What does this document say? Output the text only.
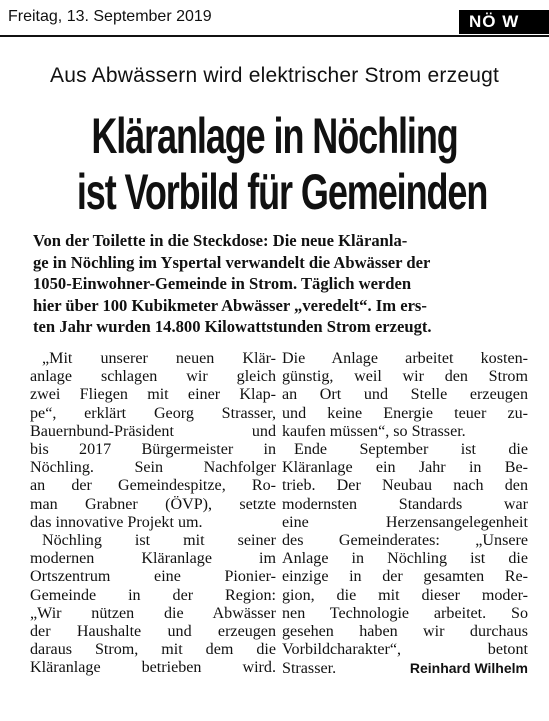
Freitag, 13. September 2019	NÖ W
Aus Abwässern wird elektrischer Strom erzeugt
Kläranlage in Nöchling
ist Vorbild für Gemeinden
Von der Toilette in die Steckdose: Die neue Kläranla-
ge in Nöchling im Yspertal verwandelt die Abwässer der
1050-Einwohner-Gemeinde in Strom. Täglich werden
hier über 100 Kubikmeter Abwässer „veredelt“. Im ers-
ten Jahr wurden 14.800 Kilowattstunden Strom erzeugt.
„Mit unserer neuen Klär-
anlage schlagen wir gleich
zwei Fliegen mit einer Klap-
pe“, erklärt Georg Strasser,
Bauernbund-Präsident und
bis 2017 Bürgermeister in
Nöchling. Sein Nachfolger
an der Gemeindespitze, Ro-
man Grabner (ÖVP), setzte
das innovative Projekt um.
Nöchling ist mit seiner
modernen Kläranlage im
Ortszentrum eine Pionier-
Gemeinde in der Region:
„Wir nützen die Abwässer
der Haushalte und erzeugen
daraus Strom, mit dem die
Kläranlage betrieben wird.
Die Anlage arbeitet kosten-
günstig, weil wir den Strom
an Ort und Stelle erzeugen
und keine Energie teuer zu-
kaufen müssen“, so Strasser.
Ende September ist die
Kläranlage ein Jahr in Be-
trieb. Der Neubau nach den
modernsten Standards war
eine Herzensangelegenheit
des Gemeinderates: „Unsere
Anlage in Nöchling ist die
einzige in der gesamten Re-
gion, die mit dieser moder-
nen Technologie arbeitet. So
gesehen haben wir durchaus
Vorbildcharakter“, betont
Strasser.	Reinhard Wilhelm
